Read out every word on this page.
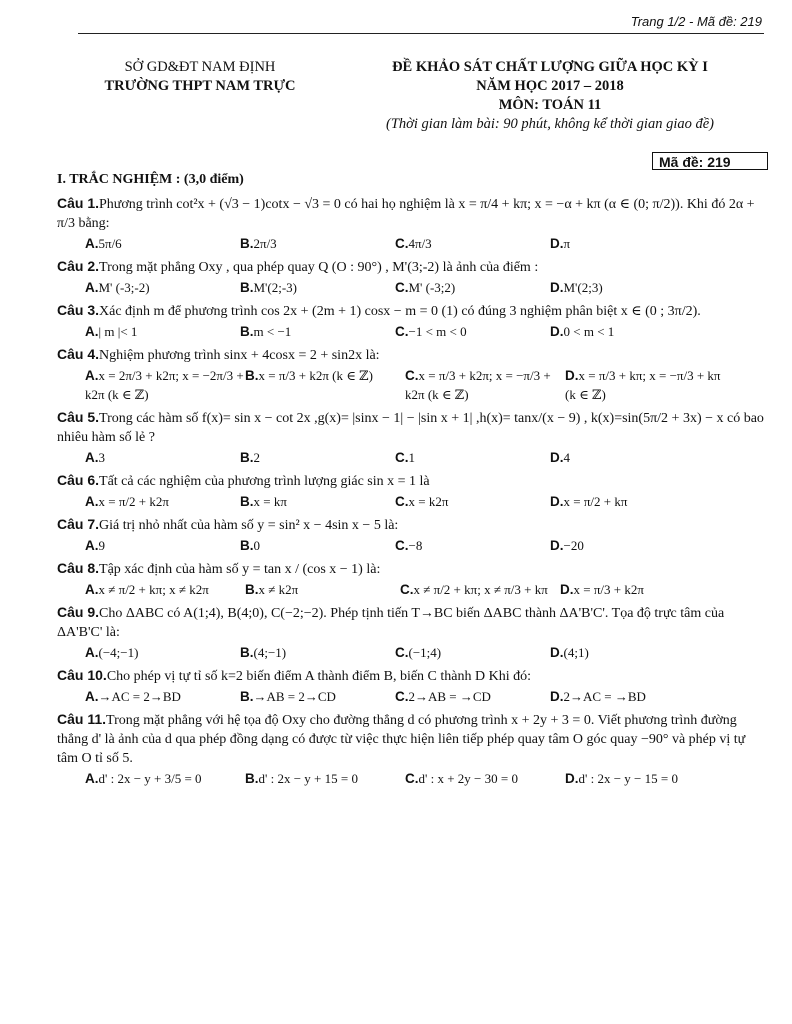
Trang 1/2 - Mã đề: 219
SỞ GD&ĐT NAM ĐỊNH
TRƯỜNG THPT NAM TRỰC
ĐỀ KHẢO SÁT CHẤT LƯỢNG GIỮA HỌC KỲ I
NĂM HỌC 2017 – 2018
MÔN: TOÁN 11
(Thời gian làm bài: 90 phút, không kể thời gian giao đề)
Mã đề: 219
I. TRẮC NGHIỆM : (3,0 điểm)
Câu 1.Phương trình cot²x + (√3 − 1)cotx − √3 = 0 có hai họ nghiệm là x = π/4 + kπ; x = −α + kπ (α ∈ (0; π/2)). Khi đó 2α + π/3 bằng:
A.5π/6	B.2π/3	C.4π/3	D.π
Câu 2.Trong mặt phẳng Oxy , qua phép quay Q (O : 90°) , M'(3;-2) là ảnh của điểm :
A.M' (-3;-2)	B.M'(2;-3)	C.M' (-3;2)	D.M'(2;3)
Câu 3.Xác định m để phương trình cos 2x + (2m + 1) cosx − m = 0 (1) có đúng 3 nghiệm phân biệt x ∈ (0 ; 3π/2).
A.| m |< 1	B.m < −1	C.−1 < m < 0	D.0 < m < 1
Câu 4.Nghiệm phương trình sinx + 4cosx = 2 + sin2x là:
A.x = 2π/3 + k2π; x = −2π/3 + k2π (k ∈ ℤ)
B.x = π/3 + k2π (k ∈ ℤ)	C.x = π/3 + k2π; x = −π/3 + k2π (k ∈ ℤ)
D.x = π/3 + kπ; x = −π/3 + kπ (k ∈ ℤ)
Câu 5.Trong các hàm số f(x)= sin x − cot 2x ,g(x)= |sinx − 1| − |sin x + 1| ,h(x)= tanx/(x − 9) , k(x)=sin(5π/2 + 3x) − x có bao nhiêu hàm số lẻ ?
A.3	B.2	C.1	D.4
Câu 6.Tất cả các nghiệm của phương trình lượng giác sin x = 1 là
A.x = π/2 + k2π	B.x = kπ	C.x = k2π	D.x = π/2 + kπ
Câu 7.Giá trị nhỏ nhất của hàm số y = sin² x − 4sin x − 5 là:
A.9	B.0	C.−8	D.−20
Câu 8.Tập xác định của hàm số y = tan x / (cos x − 1) là:
A.x ≠ π/2 + kπ; x ≠ k2π	B.x ≠ k2π	C.x ≠ π/2 + kπ; x ≠ π/3 + kπ D.x = π/3 + k2π
Câu 9.Cho ΔABC có A(1;4), B(4;0), C(−2;−2). Phép tịnh tiến T→BC biến ΔABC thành ΔA'B'C'. Tọa độ trực tâm của ΔA'B'C' là:
A.(−4;−1)	B.(4;−1)	C.(−1;4)	D.(4;1)
Câu 10.Cho phép vị tự tỉ số k=2 biến điểm A thành điểm B, biến C thành D Khi đó:
A.→AC = 2→BD	B.→AB = 2→CD	C.2→AB = →CD	D.2→AC = →BD
Câu 11.Trong mặt phẳng với hệ tọa độ Oxy cho đường thẳng d có phương trình x + 2y + 3 = 0. Viết phương trình đường thẳng d' là ảnh của d qua phép đồng dạng có được từ việc thực hiện liên tiếp phép quay tâm O góc quay −90° và phép vị tự tâm O tỉ số 5.
A.d' : 2x − y + 3/5 = 0	B.d' : 2x − y + 15 = 0	C.d' : x + 2y − 30 = 0	D.d' : 2x − y − 15 = 0
